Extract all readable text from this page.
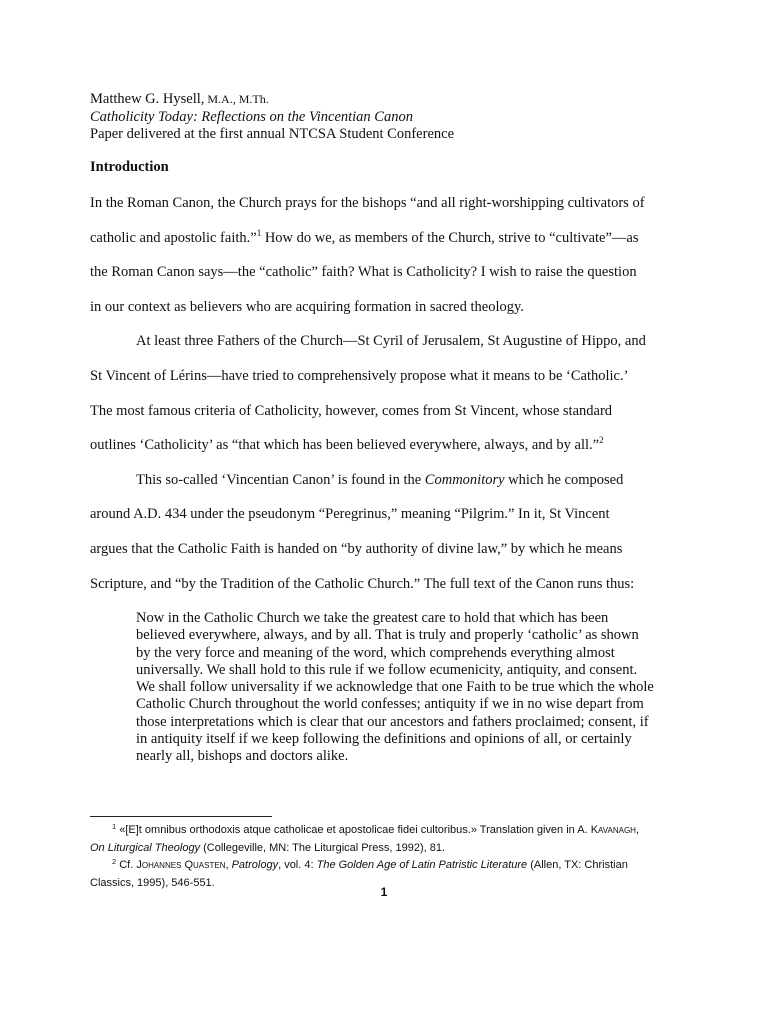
Matthew G. Hysell, M.A., M.Th.
Catholicity Today: Reflections on the Vincentian Canon
Paper delivered at the first annual NTCSA Student Conference
Introduction
In the Roman Canon, the Church prays for the bishops “and all right-worshipping cultivators of
catholic and apostolic faith.”$^1$ How do we, as members of the Church, strive to “cultivate”—as
the Roman Canon says—the “catholic” faith? What is Catholicity? I wish to raise the question
in our context as believers who are acquiring formation in sacred theology.
At least three Fathers of the Church—St Cyril of Jerusalem, St Augustine of Hippo, and
St Vincent of Lérins—have tried to comprehensively propose what it means to be ‘Catholic.’
The most famous criteria of Catholicity, however, comes from St Vincent, whose standard
outlines ‘Catholicity’ as “that which has been believed everywhere, always, and by all.”$^2$
This so-called ‘Vincentian Canon’ is found in the Commonitory which he composed
around A.D. 434 under the pseudonym “Peregrinus,” meaning “Pilgrim.” In it, St Vincent
argues that the Catholic Faith is handed on “by authority of divine law,” by which he means
Scripture, and “by the Tradition of the Catholic Church.” The full text of the Canon runs thus:
Now in the Catholic Church we take the greatest care to hold that which has been
believed everywhere, always, and by all. That is truly and properly ‘catholic’ as shown
by the very force and meaning of the word, which comprehends everything almost
universally. We shall hold to this rule if we follow ecumenicity, antiquity, and consent.
We shall follow universality if we acknowledge that one Faith to be true which the whole
Catholic Church throughout the world confesses; antiquity if we in no wise depart from
those interpretations which is clear that our ancestors and fathers proclaimed; consent, if
in antiquity itself if we keep following the definitions and opinions of all, or certainly
nearly all, bishops and doctors alike.
$^1$ «[E]t omnibus orthodoxis atque catholicae et apostolicae fidei cultoribus.» Translation given in A. Kavanagh,
On Liturgical Theology (Collegeville, MN: The Liturgical Press, 1992), 81.
$^2$ Cf. Johannes Quasten, Patrology, vol. 4: The Golden Age of Latin Patristic Literature (Allen, TX: Christian
Classics, 1995), 546-551.
1
